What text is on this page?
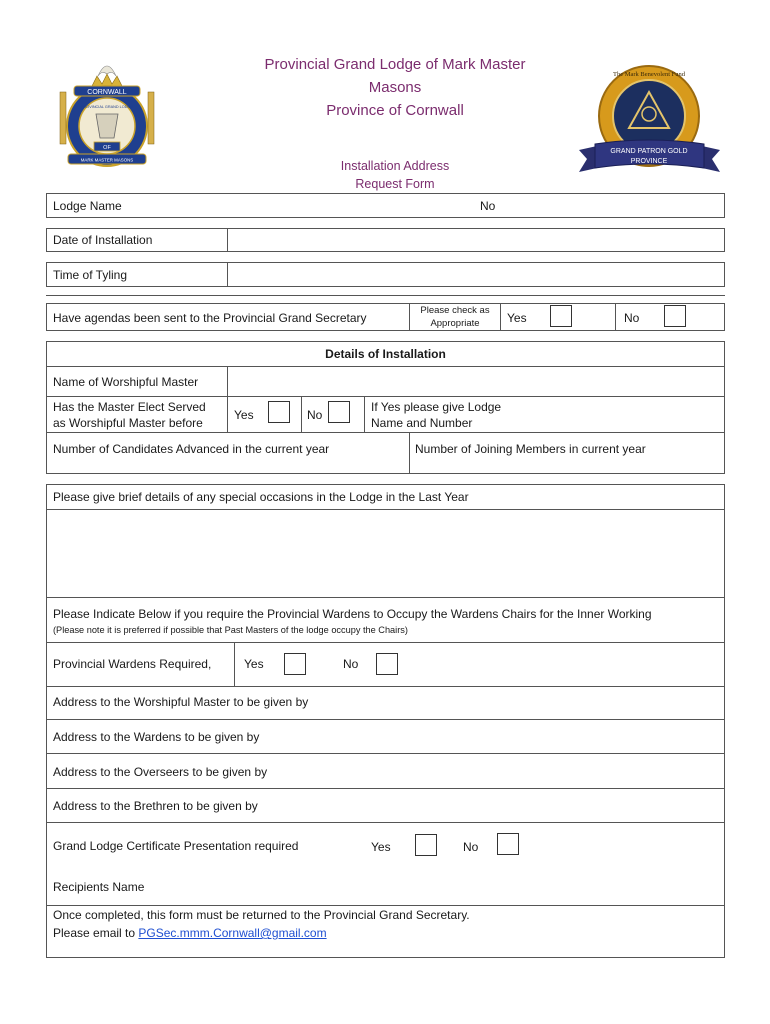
CORNWALL
PROVINCIAL GRAND LODGE
OF
MARK MASTER MASONS
Provincial Grand Lodge of Mark Master
Masons
Province of Cornwall
Installation Address
Request Form
The Mark Benevolent Fund
GRAND PATRON GOLD
PROVINCE
Lodge Name	No
Date of Installation
Time of Tyling
Have agendas been sent to the Provincial Grand Secretary
Please check as
Appropriate	Yes	No
Details of Installation
Name of Worshipful Master
Has the Master Elect Served
as Worshipful Master before
Yes	No
If Yes please give Lodge
Name and Number
Number of Candidates Advanced in the current year	Number of Joining Members in current year
Please give brief details of any special occasions in the Lodge in the Last Year
Please Indicate Below if you require the Provincial Wardens to Occupy the Wardens Chairs for the Inner Working
(Please note it is preferred if possible that Past Masters of the lodge occupy the Chairs)
Provincial Wardens Required,	Yes	No
Address to the Worshipful Master to be given by
Address to the Wardens to be given by
Address to the Overseers to be given by
Address to the Brethren to be given by
Grand Lodge Certificate Presentation required	Yes	No
Recipients Name
Once completed, this form must be returned to the Provincial Grand Secretary.
Please email to PGSec.mmm.Cornwall@gmail.com
